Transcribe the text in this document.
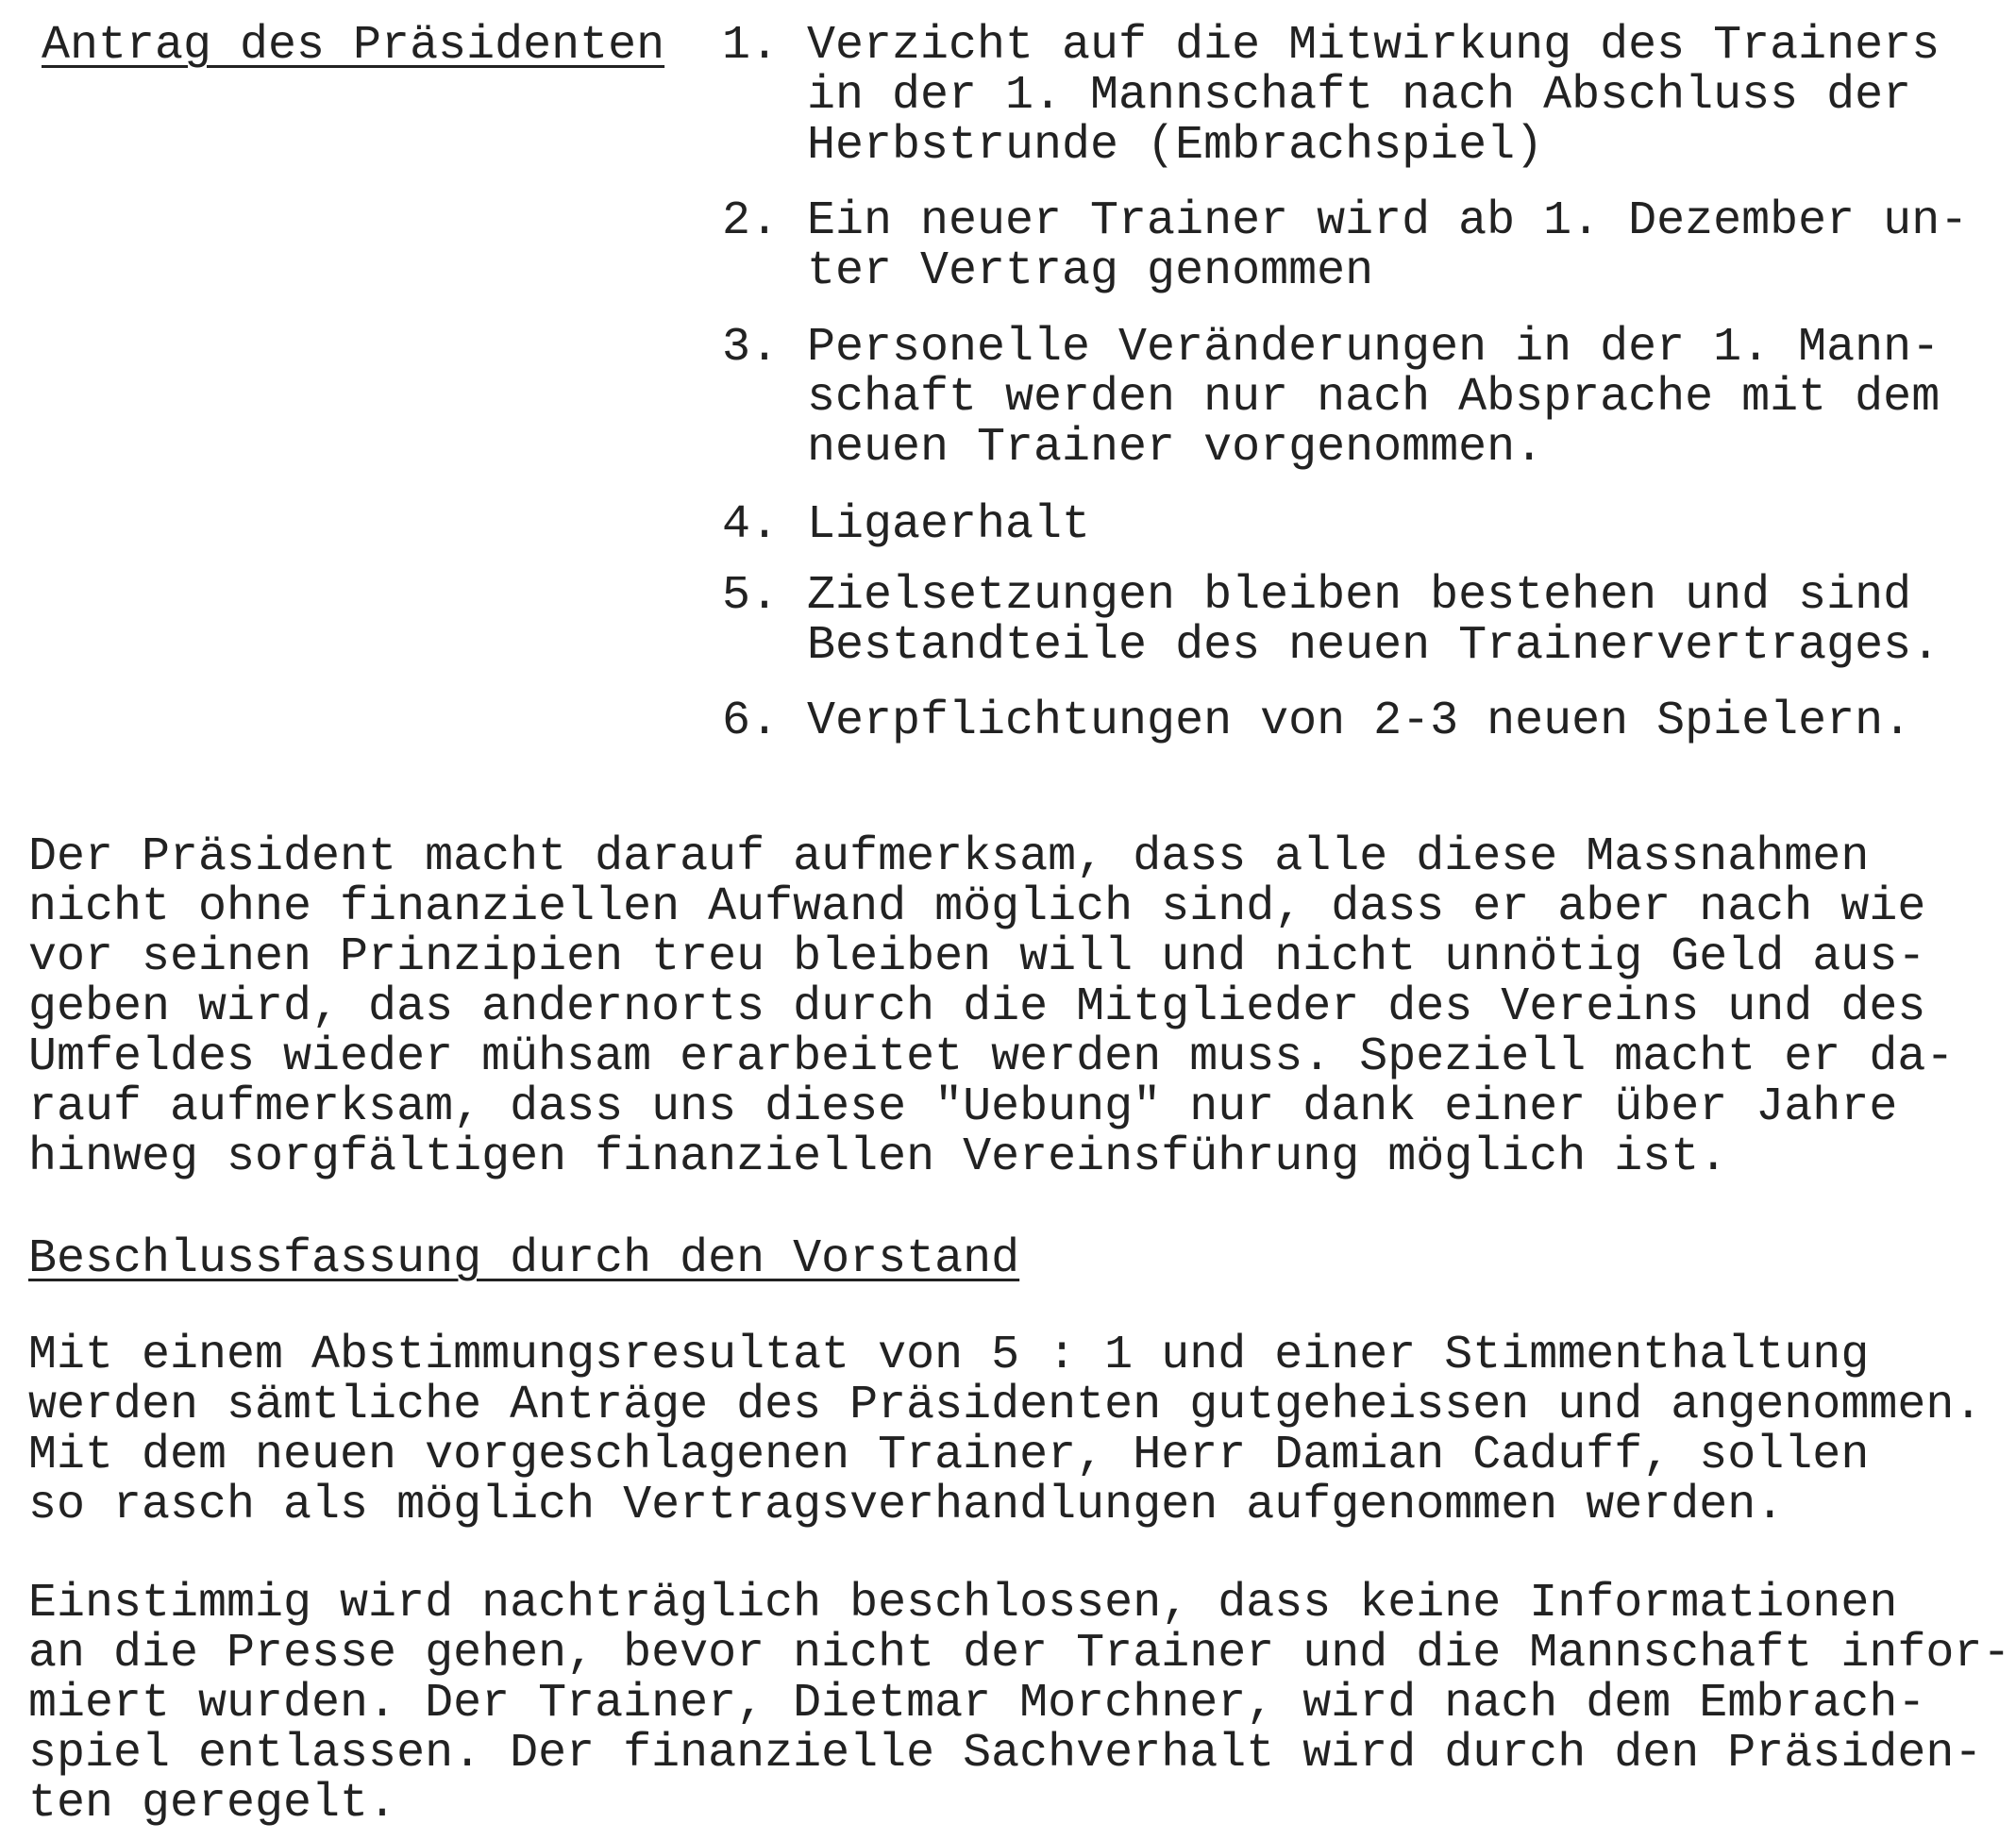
Antrag des Präsidenten 1. Verzicht auf die Mitwirkung des Trainers
in der 1. Mannschaft nach Abschluss der
Herbstrunde (Embrachspiel)
2. Ein neuer Trainer wird ab 1. Dezember un-
ter Vertrag genommen
3. Personelle Veränderungen in der 1. Mann-
schaft werden nur nach Absprache mit dem
neuen Trainer vorgenommen.
4. Ligaerhalt
5. Zielsetzungen bleiben bestehen und sind
Bestandteile des neuen Trainervertrages.
6. Verpflichtungen von 2-3 neuen Spielern.
Der Präsident macht darauf aufmerksam, dass alle diese Massnahmen
nicht ohne finanziellen Aufwand möglich sind, dass er aber nach wie
vor seinen Prinzipien treu bleiben will und nicht unnötig Geld aus-
geben wird, das andernorts durch die Mitglieder des Vereins und des
Umfeldes wieder mühsam erarbeitet werden muss. Speziell macht er da-
rauf aufmerksam, dass uns diese "Uebung" nur dank einer über Jahre
hinweg sorgfältigen finanziellen Vereinsführung möglich ist.
Beschlussfassung durch den Vorstand
Mit einem Abstimmungsresultat von 5 : 1 und einer Stimmenthaltung
werden sämtliche Anträge des Präsidenten gutgeheissen und angenommen.
Mit dem neuen vorgeschlagenen Trainer, Herr Damian Caduff, sollen
so rasch als möglich Vertragsverhandlungen aufgenommen werden.
Einstimmig wird nachträglich beschlossen, dass keine Informationen
an die Presse gehen, bevor nicht der Trainer und die Mannschaft infor-
miert wurden. Der Trainer, Dietmar Morchner, wird nach dem Embrach-
spiel entlassen. Der finanzielle Sachverhalt wird durch den Präsiden-
ten geregelt.
